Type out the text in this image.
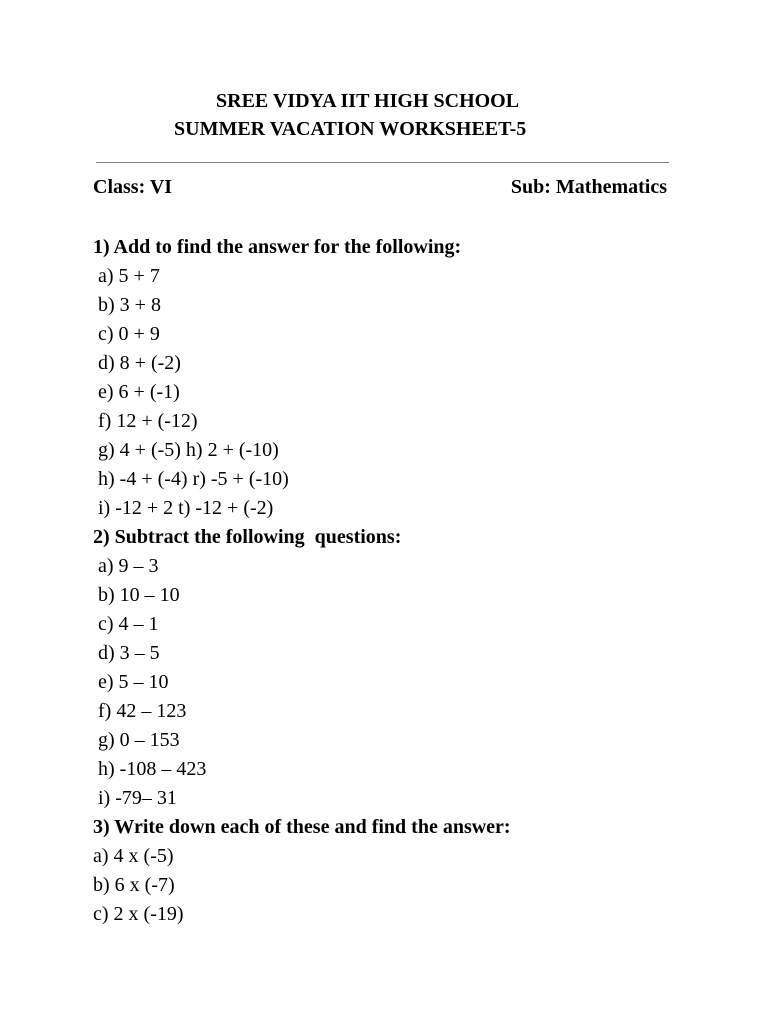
SREE VIDYA IIT HIGH SCHOOL
SUMMER VACATION WORKSHEET-5
Class: VI	Sub: Mathematics
1) Add to find the answer for the following:
a) 5 + 7
b) 3 + 8
c) 0 + 9
d) 8 + (-2)
e) 6 + (-1)
f) 12 + (-12)
g) 4 + (-5) h) 2 + (-10)
h) -4 + (-4) r) -5 + (-10)
i) -12 + 2 t) -12 + (-2)
2) Subtract the following  questions:
a) 9 – 3
b) 10 – 10
c) 4 – 1
d) 3 – 5
e) 5 – 10
f) 42 – 123
g) 0 – 153
h) -108 – 423
i) -79– 31
3) Write down each of these and find the answer:
a) 4 x (-5)
b) 6 x (-7)
c) 2 x (-19)
